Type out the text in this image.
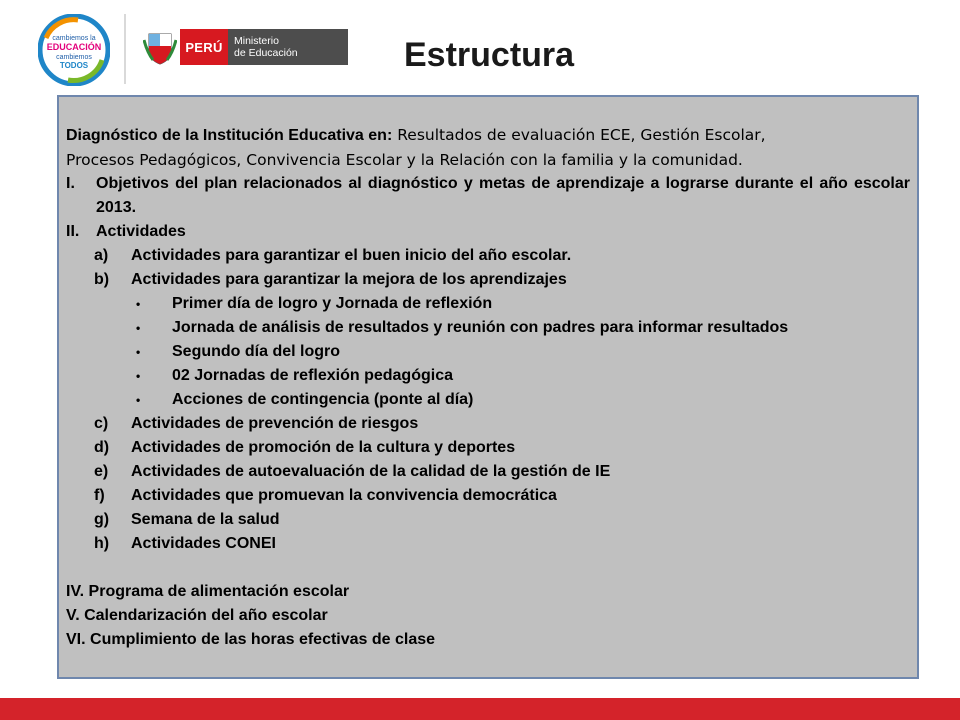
cambiemos la
EDUCACIÓN
cambiemos
TODOS
PERÚ	Ministerio
de Educación	Estructura

Diagnóstico de la Institución Educativa en: Resultados de evaluación ECE, Gestión Escolar,

Procesos Pedagógicos, Convivencia Escolar y la Relación con la familia y la comunidad.

I.	Objetivos del plan relacionados al diagnóstico y metas de aprendizaje a lograrse durante el año escolar 2013.
II.	Actividades
a)	Actividades para garantizar el buen inicio del año escolar.
b)	Actividades para garantizar la mejora de los aprendizajes
•	Primer día de logro y Jornada de reflexión
•	Jornada de análisis de resultados y reunión con padres para informar resultados
•	Segundo día del logro
•	02 Jornadas de reflexión pedagógica
•	Acciones de contingencia (ponte al día)
c)	Actividades de prevención de riesgos
d)	Actividades de promoción de la cultura y deportes
e)	Actividades de autoevaluación de la calidad de la gestión de IE
f)	Actividades que promuevan la convivencia democrática
g)	Semana de la salud
h)	Actividades CONEI

IV. Programa de alimentación escolar

V. Calendarización del año escolar

VI. Cumplimiento de las horas efectivas de clase
